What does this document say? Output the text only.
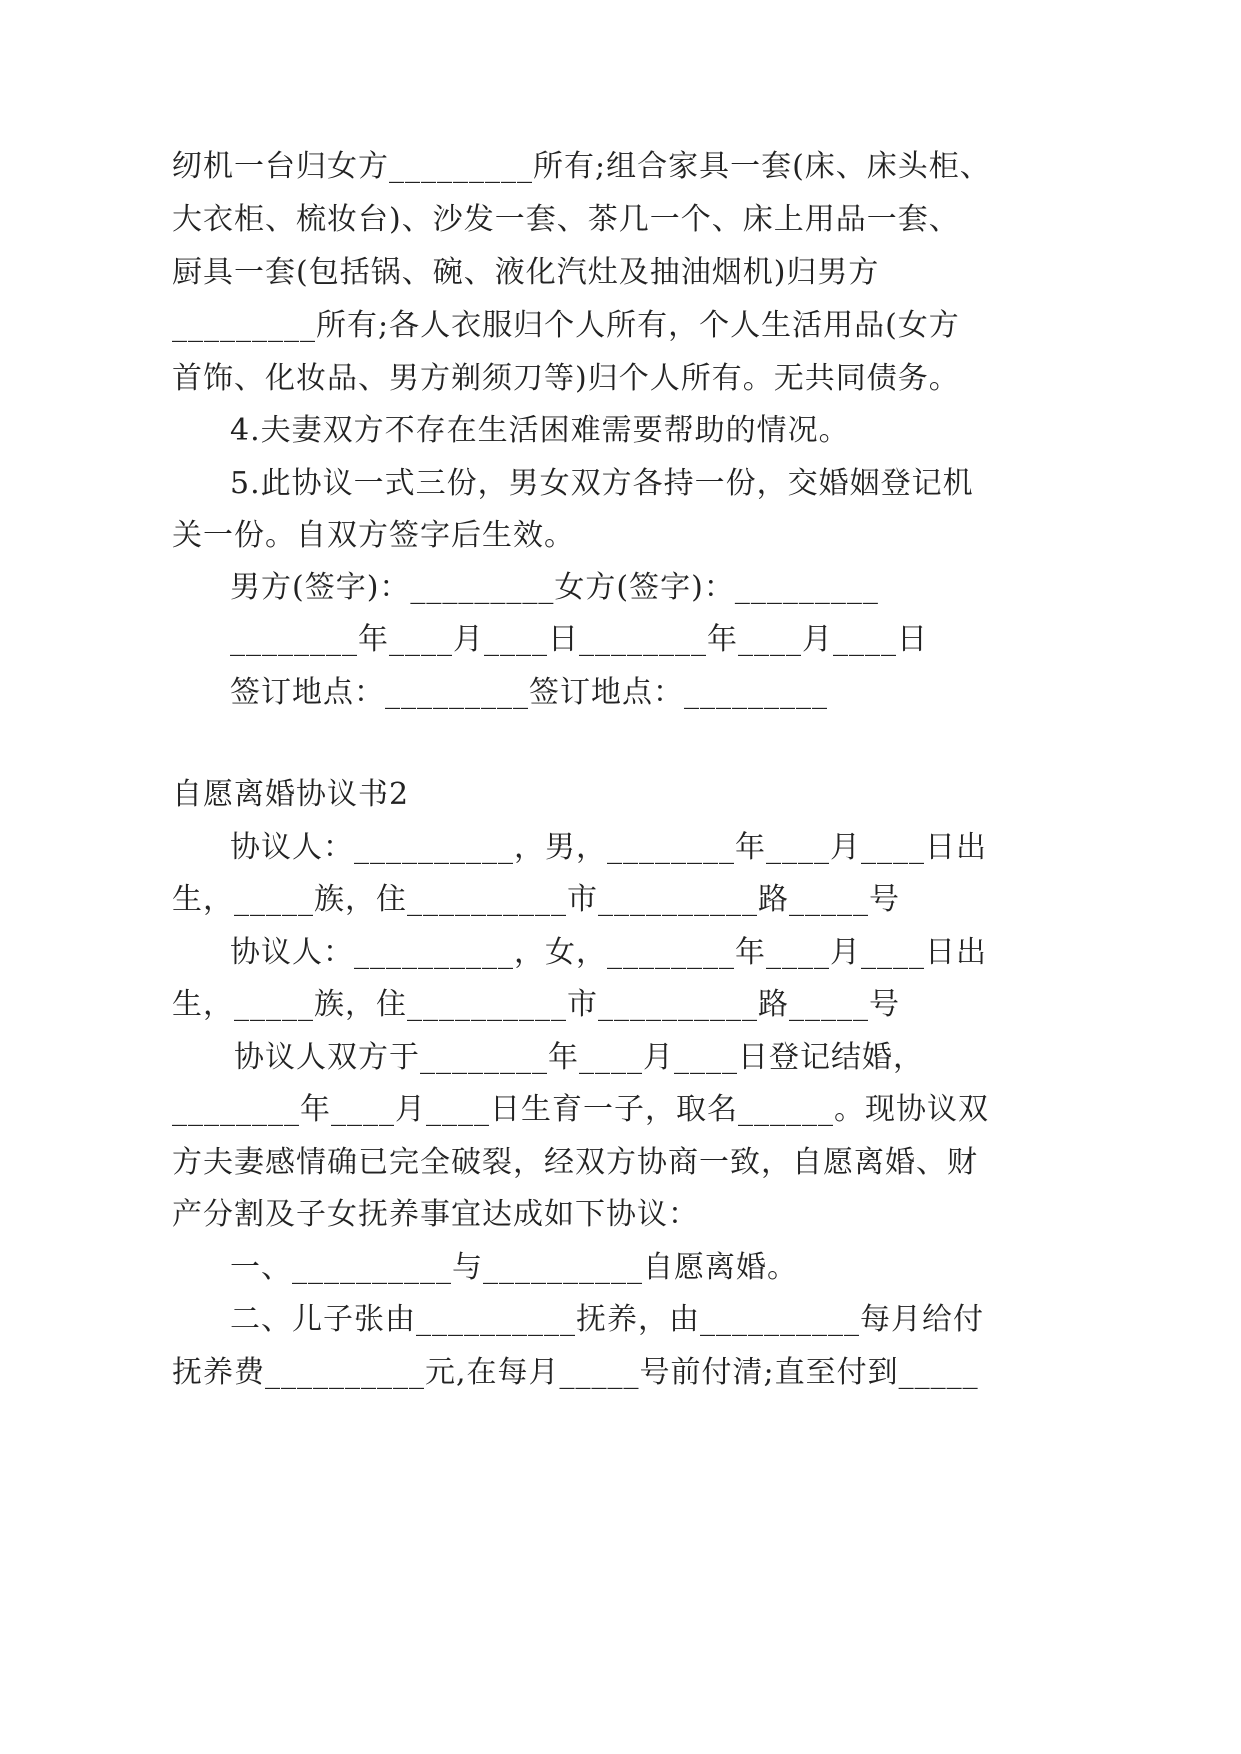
纫机一台归女方_________所有;组合家具一套(床、床头柜、
大衣柜、梳妆台)、沙发一套、茶几一个、床上用品一套、
厨具一套(包括锅、碗、液化汽灶及抽油烟机)归男方
_________所有;各人衣服归个人所有，个人生活用品(女方
首饰、化妆品、男方剃须刀等)归个人所有。无共同债务。
4.夫妻双方不存在生活困难需要帮助的情况。
5.此协议一式三份，男女双方各持一份，交婚姻登记机
关一份。自双方签字后生效。
男方(签字)：_________女方(签字)：_________
________年____月____日________年____月____日
签订地点：_________签订地点：_________
自愿离婚协议书2
协议人：__________，男，________年____月____日出
生，_____族，住__________市__________路_____号
协议人：__________，女，________年____月____日出
生，_____族，住__________市__________路_____号
协议人双方于________年____月____日登记结婚，
________年____月____日生育一子，取名______。现协议双
方夫妻感情确已完全破裂，经双方协商一致，自愿离婚、财
产分割及子女抚养事宜达成如下协议：
一、__________与__________自愿离婚。
二、儿子张由__________抚养，由__________每月给付
抚养费__________元,在每月_____号前付清;直至付到_____
